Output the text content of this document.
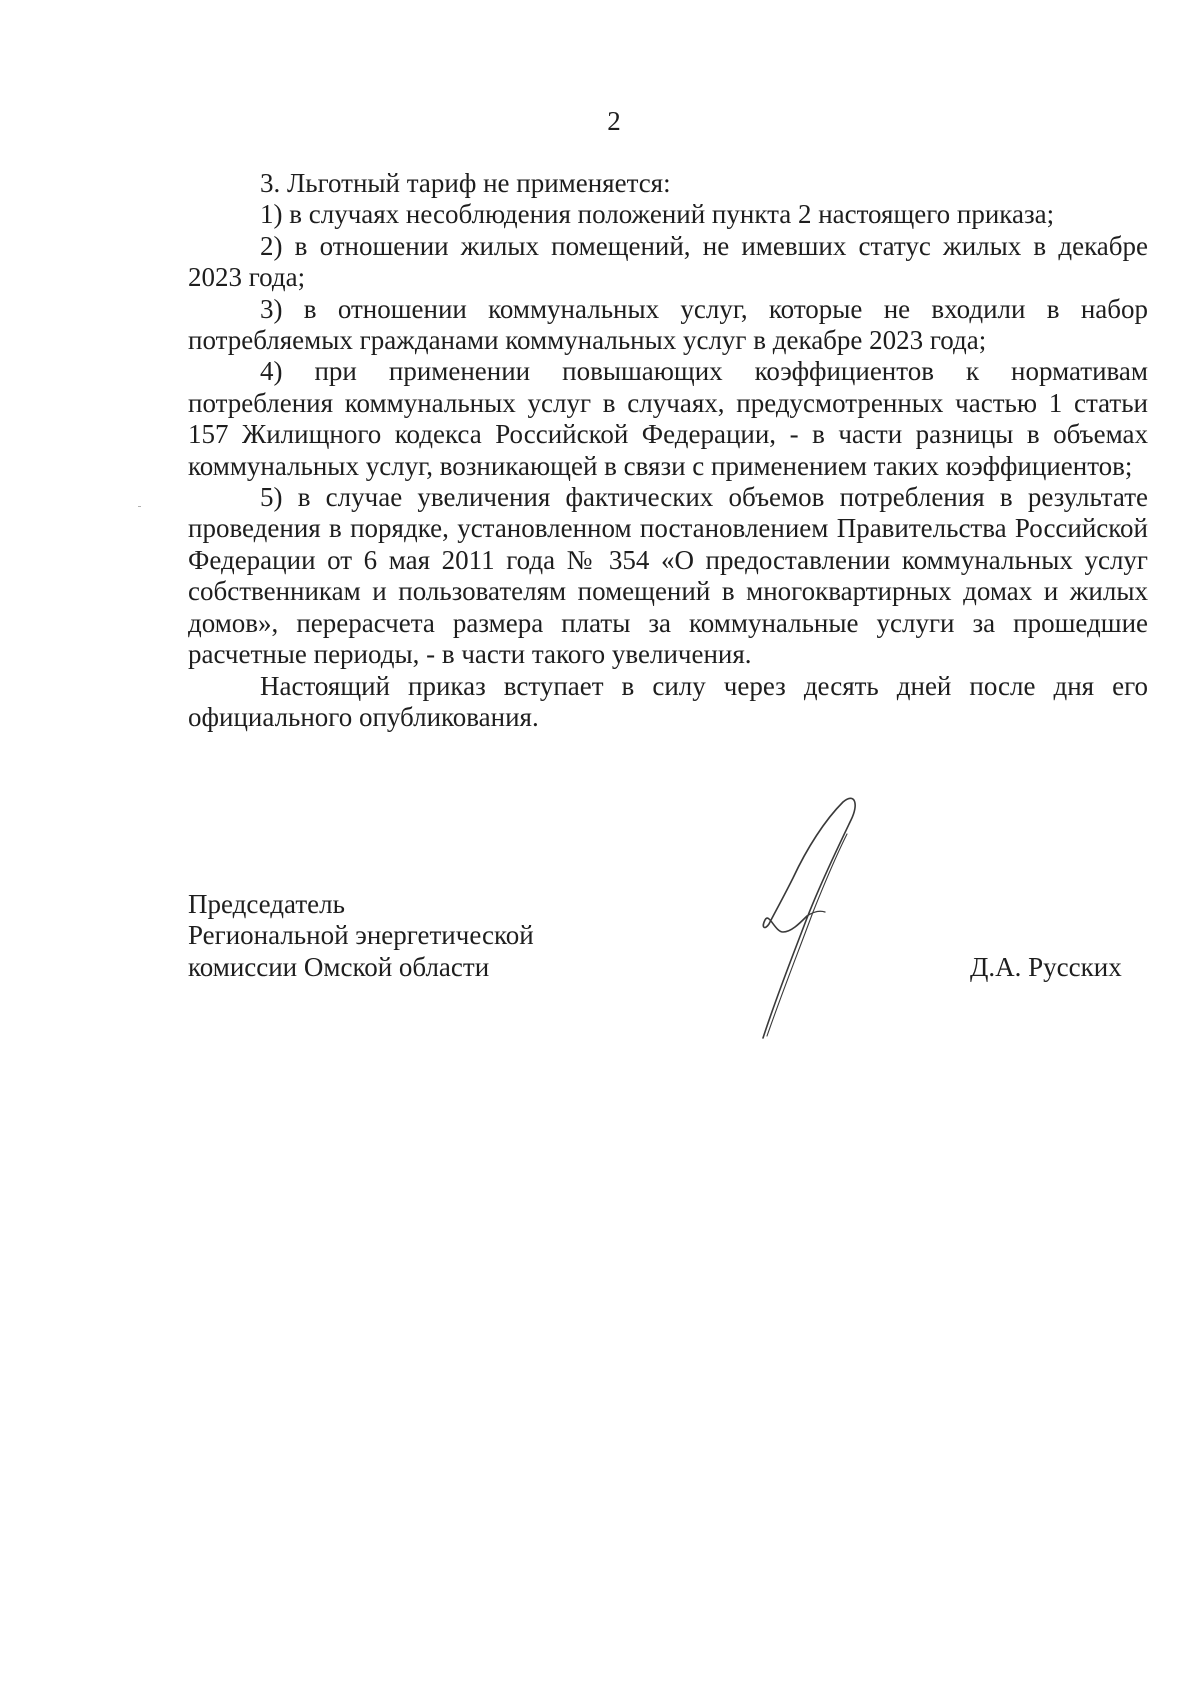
2

3. Льготный тариф не применяется:

1) в случаях несоблюдения положений пункта 2 настоящего приказа;

2) в отношении жилых помещений, не имевших статус жилых в декабре 2023 года;

3) в отношении коммунальных услуг, которые не входили в набор потребляемых гражданами коммунальных услуг в декабре 2023 года;

4) при применении повышающих коэффициентов к нормативам потребления коммунальных услуг в случаях, предусмотренных частью 1 статьи 157 Жилищного кодекса Российской Федерации, - в части разницы в объемах коммунальных услуг, возникающей в связи с применением таких коэффициентов;

5) в случае увеличения фактических объемов потребления в результате проведения в порядке, установленном постановлением Правительства Российской Федерации от 6 мая 2011 года № 354 «О предоставлении коммунальных услуг собственникам и пользователям помещений в многоквартирных домах и жилых домов», перерасчета размера платы за коммунальные услуги за прошедшие расчетные периоды, - в части такого увеличения.

Настоящий приказ вступает в силу через десять дней после дня его официального опубликования.

Председатель
Региональной энергетической
комиссии Омской области	Д.А. Русских
